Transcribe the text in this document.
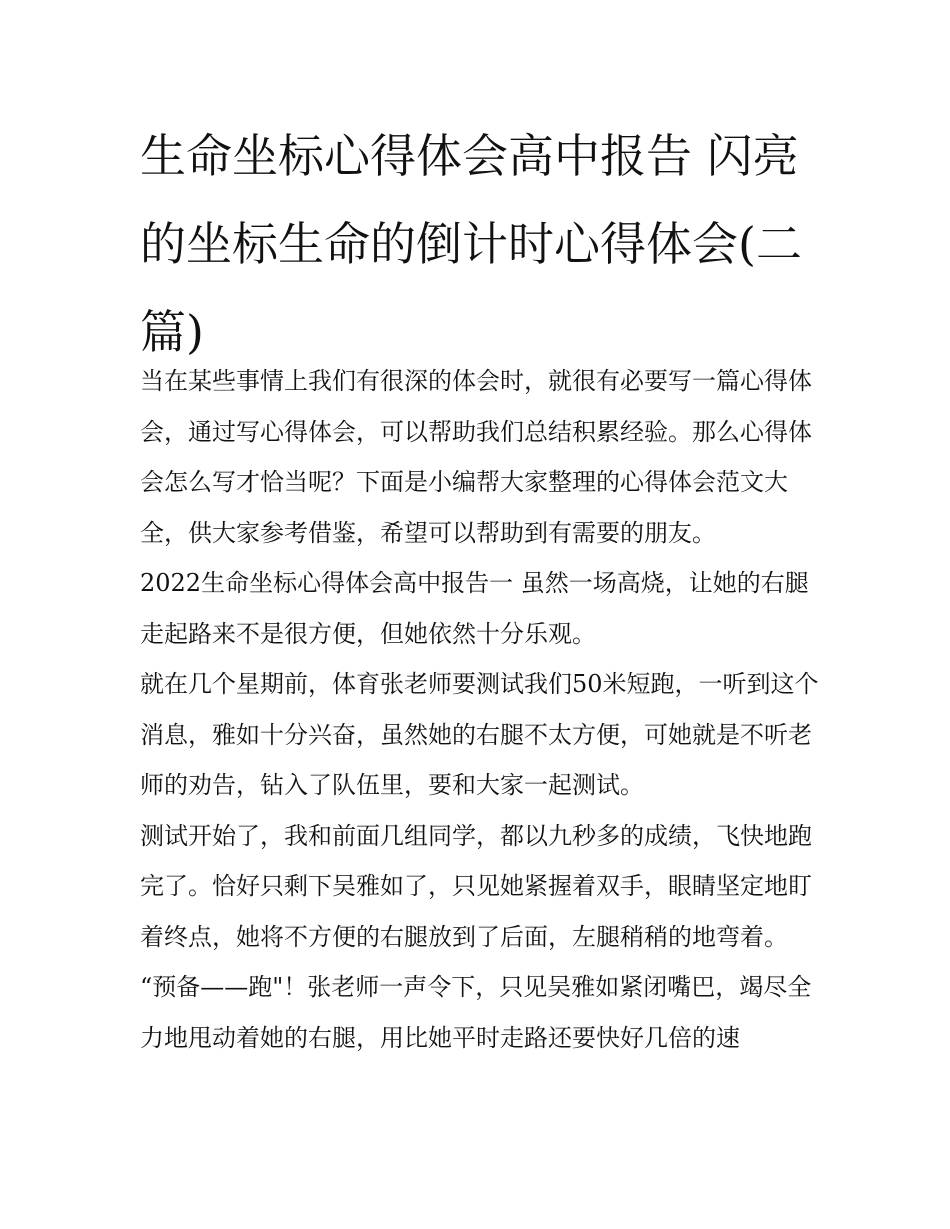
生命坐标心得体会高中报告 闪亮的坐标生命的倒计时心得体会(二篇)

当在某些事情上我们有很深的体会时，就很有必要写一篇心得体会，通过写心得体会，可以帮助我们总结积累经验。那么心得体会怎么写才恰当呢？下面是小编帮大家整理的心得体会范文大全，供大家参考借鉴，希望可以帮助到有需要的朋友。

2022生命坐标心得体会高中报告一 虽然一场高烧，让她的右腿走起路来不是很方便，但她依然十分乐观。

就在几个星期前，体育张老师要测试我们50米短跑，一听到这个消息，雅如十分兴奋，虽然她的右腿不太方便，可她就是不听老师的劝告，钻入了队伍里，要和大家一起测试。

测试开始了，我和前面几组同学，都以九秒多的成绩，飞快地跑完了。恰好只剩下吴雅如了，只见她紧握着双手，眼睛坚定地盯着终点，她将不方便的右腿放到了后面，左腿稍稍的地弯着。

“预备——跑"！张老师一声令下，只见吴雅如紧闭嘴巴，竭尽全力地甩动着她的右腿，用比她平时走路还要快好几倍的速
